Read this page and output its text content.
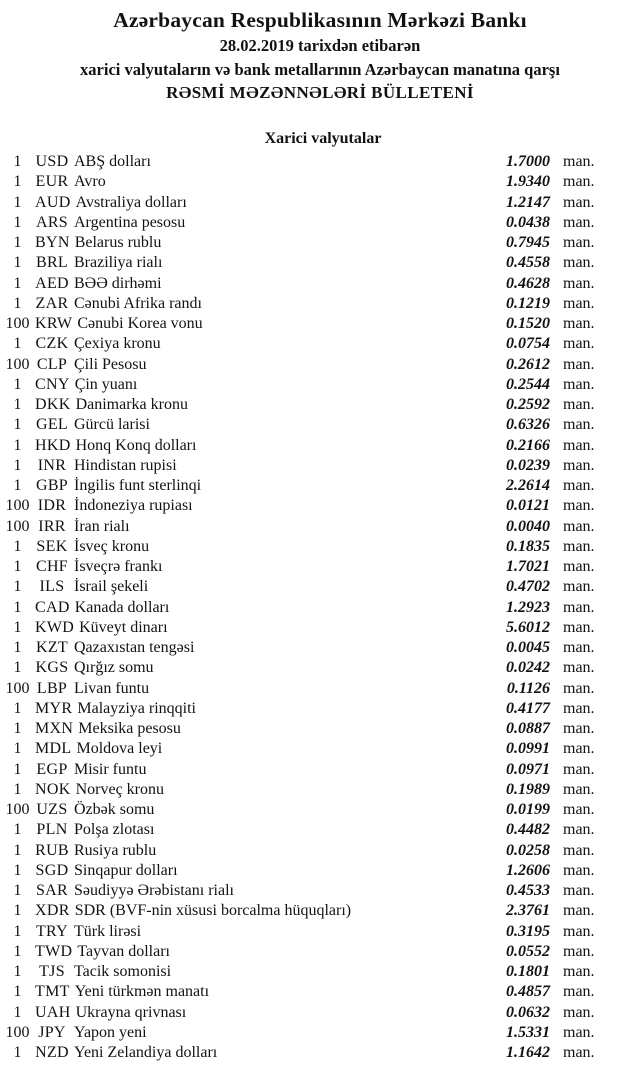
Azərbaycan Respublikasının Mərkəzi Bankı
28.02.2019 tarixdən etibarən
xarici valyutaların və bank metallarının Azərbaycan manatına qarşı
RƏSMİ MƏZƏNNƏLƏRİ BÜLLETENİ
Xarici valyutalar
1 USD ABŞ dolları	1.7000 man.
1 EUR Avro	1.9340 man.
1 AUD Avstraliya dolları	1.2147 man.
1 ARS Argentina pesosu	0.0438 man.
1 BYN Belarus rublu	0.7945 man.
1 BRL Braziliya rialı	0.4558 man.
1 AED BƏƏ dirhəmi	0.4628 man.
1 ZAR Cənubi Afrika randı	0.1219 man.
100 KRW Cənubi Korea vonu	0.1520 man.
1 CZK Çexiya kronu	0.0754 man.
100 CLP Çili Pesosu	0.2612 man.
1 CNY Çin yuanı	0.2544 man.
1 DKK Danimarka kronu	0.2592 man.
1 GEL Gürcü larisi	0.6326 man.
1 HKD Honq Konq dolları	0.2166 man.
1	INR Hindistan rupisi	0.0239 man.
1 GBP İngilis funt sterlinqi	2.2614 man.
100 IDR İndoneziya rupiası	0.0121 man.
100 IRR İran rialı	0.0040 man.
1 SEK İsveç kronu	0.1835 man.
1 CHF İsveçrə frankı	1.7021 man.
1	ILS İsrail şekeli	0.4702 man.
1 CAD Kanada dolları	1.2923 man.
1 KWD Küveyt dinarı	5.6012 man.
1 KZT Qazaxıstan tengəsi	0.0045 man.
1 KGS Qırğız somu	0.0242 man.
100 LBP Livan funtu	0.1126 man.
1 MYR Malayziya rinqqiti	0.4177 man.
1 MXN Meksika pesosu	0.0887 man.
1 MDL Moldova leyi	0.0991 man.
1 EGP Misir funtu	0.0971 man.
1 NOK Norveç kronu	0.1989 man.
100 UZS Özbək somu	0.0199 man.
1 PLN Polşa zlotası	0.4482 man.
1 RUB Rusiya rublu	0.0258 man.
1 SGD Sinqapur dolları	1.2606 man.
1 SAR Səudiyyə Ərəbistanı rialı	0.4533 man.
1 XDR SDR (BVF-nin xüsusi borcalma hüquqları)	2.3761 man.
1 TRY Türk lirəsi	0.3195 man.
1 TWD Tayvan dolları	0.0552 man.
1	TJS Tacik somonisi	0.1801 man.
1 TMT Yeni türkmən manatı	0.4857 man.
1 UAH Ukrayna qrivnası	0.0632 man.
100 JPY Yapon yeni	1.5331 man.
1 NZD Yeni Zelandiya dolları	1.1642 man.
